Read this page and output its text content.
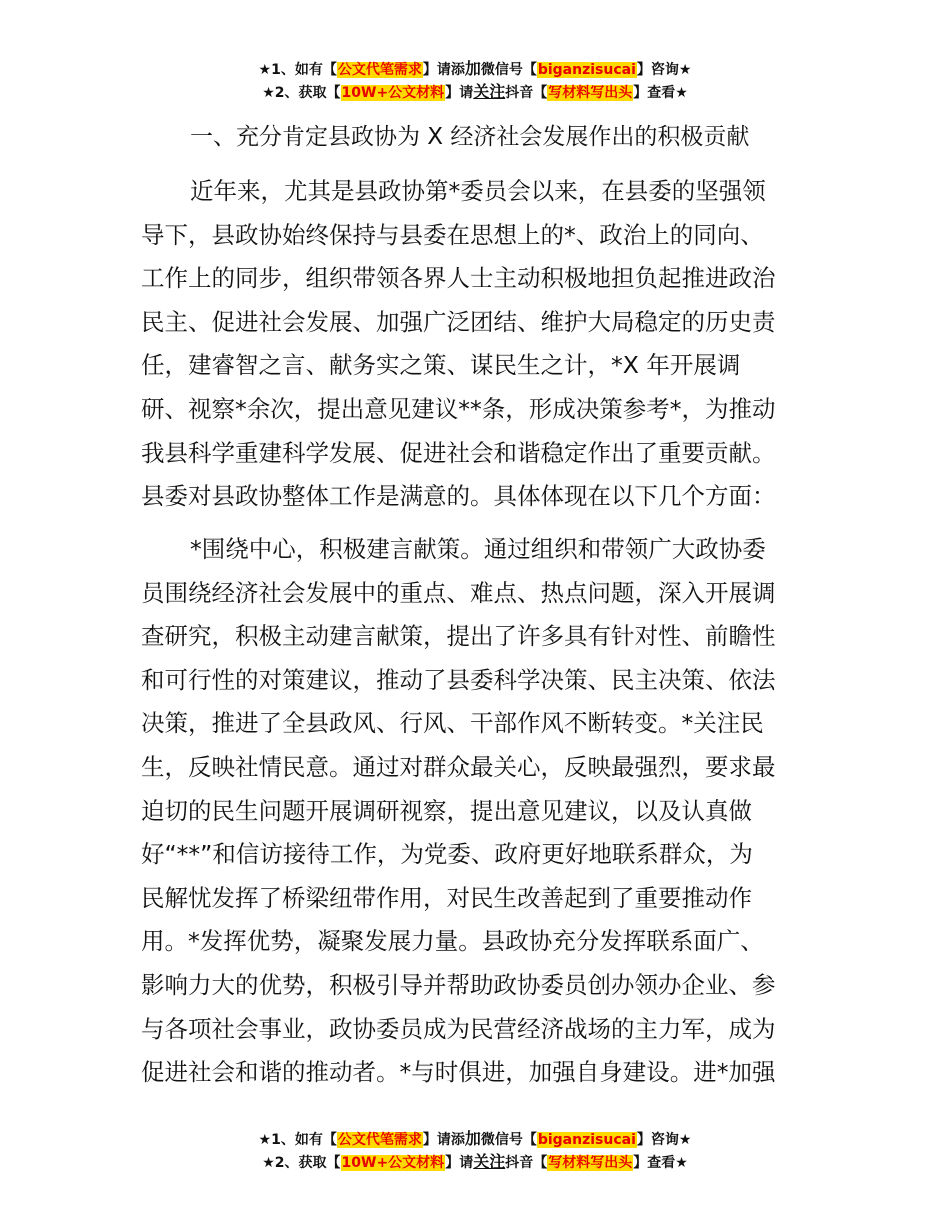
★1、如有【公文代笔需求】请添加微信号【biganzisucai】咨询★
★2、获取【10W+公文材料】请关注抖音【写材料写出头】查看★
一、充分肯定县政协为 X 经济社会发展作出的积极贡献
近年来，尤其是县政协第*委员会以来，在县委的坚强领
导下，县政协始终保持与县委在思想上的*、政治上的同向、
工作上的同步，组织带领各界人士主动积极地担负起推进政治
民主、促进社会发展、加强广泛团结、维护大局稳定的历史责
任，建睿智之言、献务实之策、谋民生之计，*X 年开展调
研、视察*余次，提出意见建议**条，形成决策参考*，为推动
我县科学重建科学发展、促进社会和谐稳定作出了重要贡献。
县委对县政协整体工作是满意的。具体体现在以下几个方面：
*围绕中心，积极建言献策。通过组织和带领广大政协委
员围绕经济社会发展中的重点、难点、热点问题，深入开展调
查研究，积极主动建言献策，提出了许多具有针对性、前瞻性
和可行性的对策建议，推动了县委科学决策、民主决策、依法
决策，推进了全县政风、行风、干部作风不断转变。*关注民
生，反映社情民意。通过对群众最关心，反映最强烈，要求最
迫切的民生问题开展调研视察，提出意见建议，以及认真做
好“**”和信访接待工作，为党委、政府更好地联系群众，为
民解忧发挥了桥梁纽带作用，对民生改善起到了重要推动作
用。*发挥优势，凝聚发展力量。县政协充分发挥联系面广、
影响力大的优势，积极引导并帮助政协委员创办领办企业、参
与各项社会事业，政协委员成为民营经济战场的主力军，成为
促进社会和谐的推动者。*与时俱进，加强自身建设。进*加强
★1、如有【公文代笔需求】请添加微信号【biganzisucai】咨询★
★2、获取【10W+公文材料】请关注抖音【写材料写出头】查看★
